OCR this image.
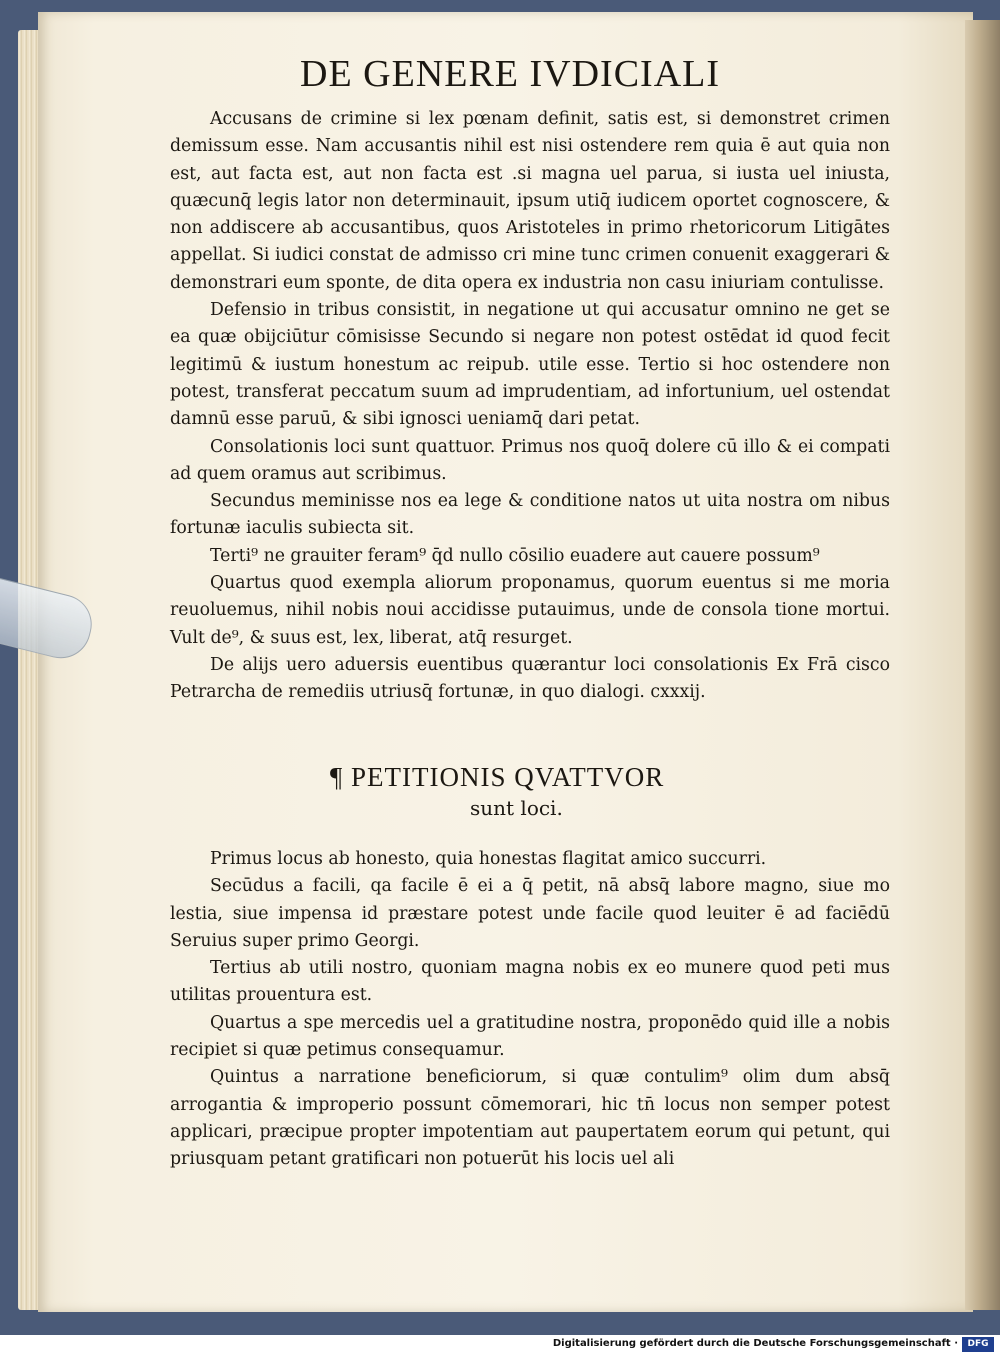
DE GENERE IVDICIALI

Accusans de crimine si lex pœnam definit, satis est, si demonstret crimen demissum esse. Nam accusantis nihil est nisi ostendere rem quia ē aut quia non est, aut facta est, aut non facta est .si magna uel parua, si iusta uel iniusta, quæcunq̄ legis lator non determinauit, ipsum utiq̄ iudicem oportet cognoscere, & non addiscere ab accusantibus, quos Aristoteles in primo rhetoricorum Litigātes appellat. Si iudici constat de admisso cri mine tunc crimen conuenit exaggerari & demonstrari eum sponte, de dita opera ex industria non casu iniuriam contulisse.

Defensio in tribus consistit, in negatione ut qui accusatur omnino ne get se ea quæ obijciūtur cōmisisse Secundo si negare non potest ostēdat id quod fecit legitimū & iustum honestum ac reipub. utile esse. Tertio si hoc ostendere non potest, transferat peccatum suum ad imprudentiam, ad infortunium, uel ostendat damnū esse paruū, & sibi ignosci ueniamq̄ dari petat.

Consolationis loci sunt quattuor. Primus nos quoq̄ dolere cū illo & ei compati ad quem oramus aut scribimus.

Secundus meminisse nos ea lege & conditione natos ut uita nostra om nibus fortunæ iaculis subiecta sit.

Terti⁹ ne grauiter feram⁹ q̄d nullo cōsilio euadere aut cauere possum⁹

Quartus quod exempla aliorum proponamus, quorum euentus si me moria reuoluemus, nihil nobis noui accidisse putauimus, unde de consola tione mortui. Vult de⁹, & suus est, lex, liberat, atq̄ resurget.

De alijs uero aduersis euentibus quærantur loci consolationis Ex Frā cisco Petrarcha de remediis utriusq̄ fortunæ, in quo dialogi. cxxxij.

¶ PETITIONIS QVATTVOR
sunt loci.

Primus locus ab honesto, quia honestas flagitat amico succurri.

Secūdus a facili, qa facile ē ei a q̄ petit, nā absq̄ labore magno, siue mo lestia, siue impensa id præstare potest unde facile quod leuiter ē ad faciēdū Seruius super primo Georgi.

Tertius ab utili nostro, quoniam magna nobis ex eo munere quod peti mus utilitas prouentura est.

Quartus a spe mercedis uel a gratitudine nostra, proponēdo quid ille a nobis recipiet si quæ petimus consequamur.

Quintus a narratione beneficiorum, si quæ contulim⁹ olim dum absq̄ arrogantia & improperio possunt cōmemorari, hic tn̄ locus non semper potest applicari, præcipue propter impotentiam aut paupertatem eorum qui petunt, qui priusquam petant gratificari non potuerūt his locis uel ali

Digitalisierung gefördert durch die Deutsche Forschungsgemeinschaft ·	DFG
